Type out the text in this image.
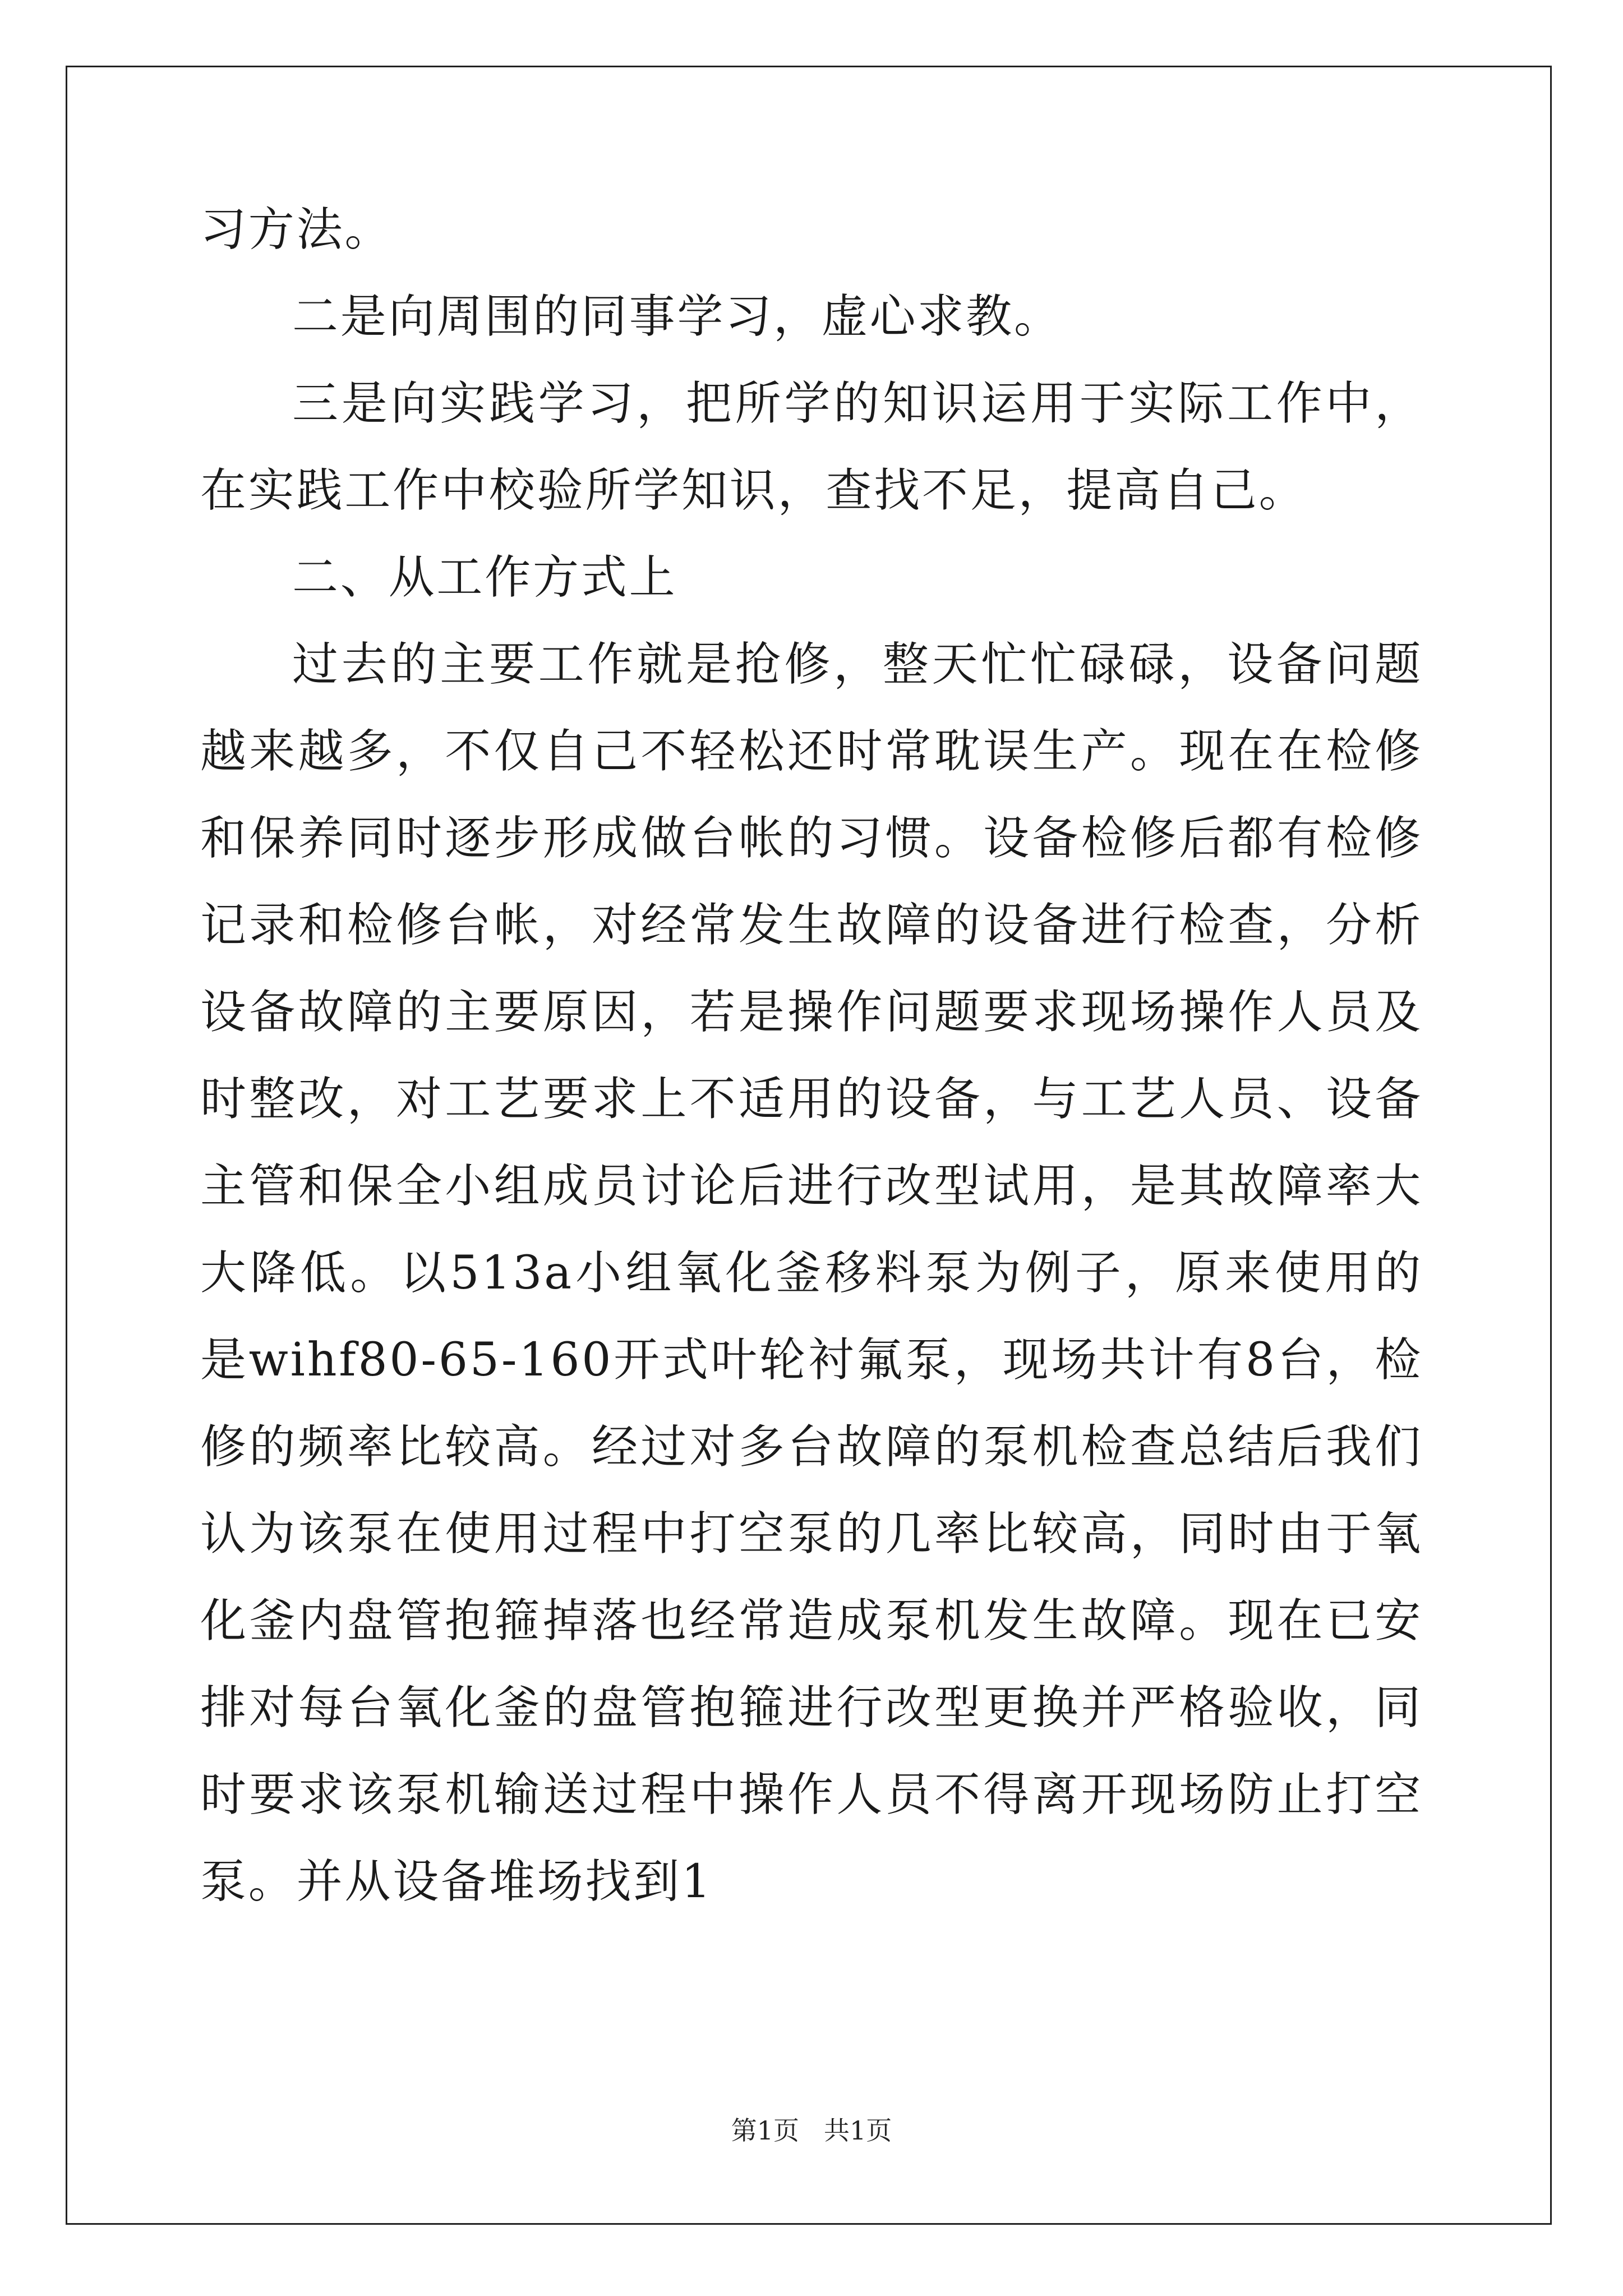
习方法。

二是向周围的同事学习，虚心求教。

三是向实践学习，把所学的知识运用于实际工作中，在实践工作中校验所学知识，查找不足，提高自己。

二、从工作方式上

过去的主要工作就是抢修，整天忙忙碌碌，设备问题越来越多，不仅自己不轻松还时常耽误生产。现在在检修和保养同时逐步形成做台帐的习惯。设备检修后都有检修记录和检修台帐，对经常发生故障的设备进行检查，分析设备故障的主要原因，若是操作问题要求现场操作人员及时整改，对工艺要求上不适用的设备，与工艺人员、设备主管和保全小组成员讨论后进行改型试用，是其故障率大大降低。以513a小组氧化釜移料泵为例子，原来使用的是wihf80-65-160开式叶轮衬氟泵，现场共计有8台，检修的频率比较高。经过对多台故障的泵机检查总结后我们认为该泵在使用过程中打空泵的几率比较高，同时由于氧化釜内盘管抱箍掉落也经常造成泵机发生故障。现在已安排对每台氧化釜的盘管抱箍进行改型更换并严格验收，同时要求该泵机输送过程中操作人员不得离开现场防止打空泵。并从设备堆场找到1

第1页 共1页
